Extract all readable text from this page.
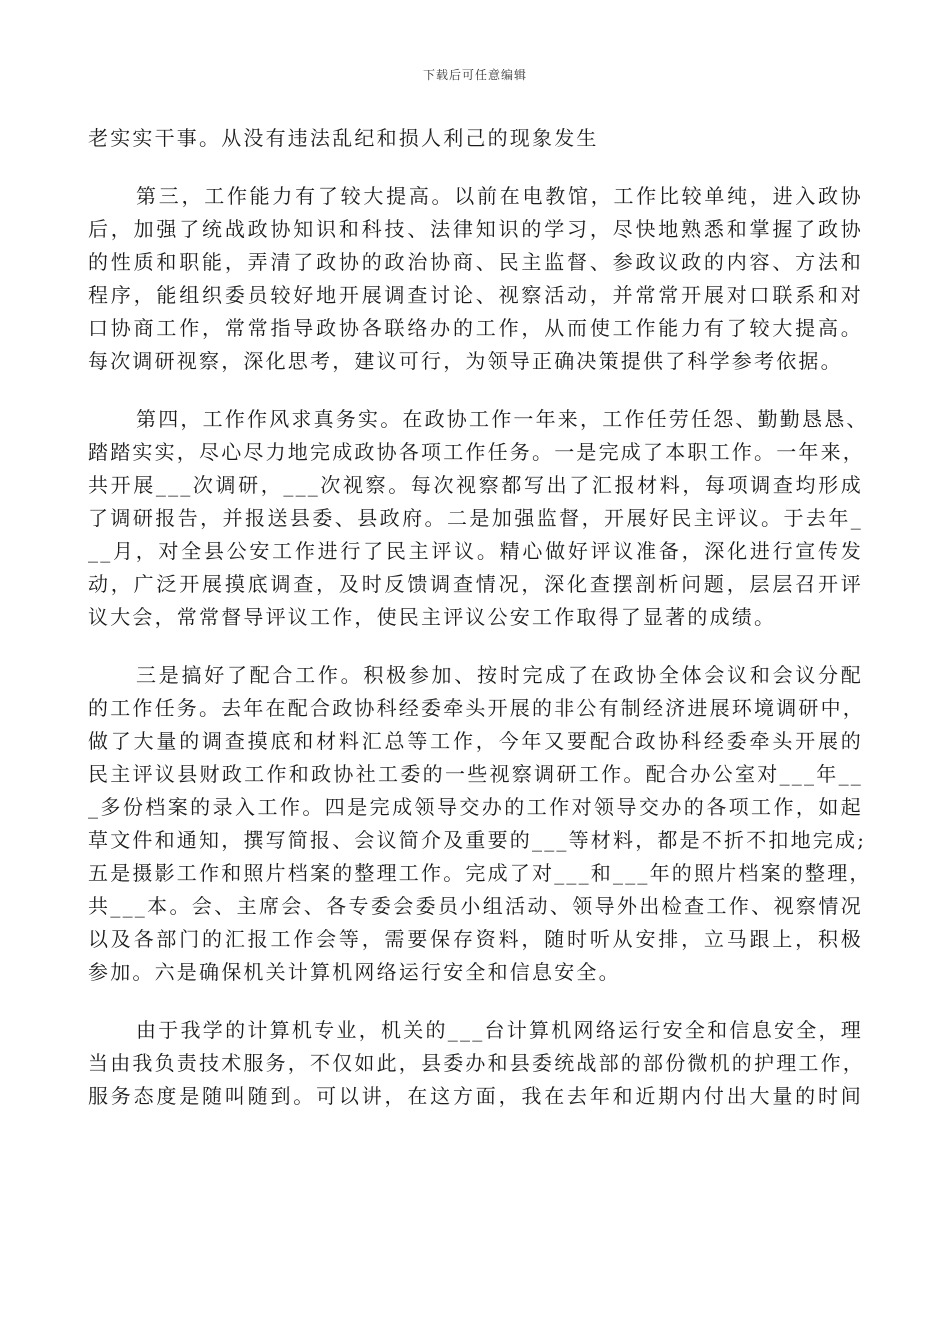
下载后可任意编辑
老实实干事。从没有违法乱纪和损人利己的现象发生
第三，工作能力有了较大提高。以前在电教馆，工作比较单纯，进入政协
后，加强了统战政协知识和科技、法律知识的学习，尽快地熟悉和掌握了政协
的性质和职能，弄清了政协的政治协商、民主监督、参政议政的内容、方法和
程序，能组织委员较好地开展调查讨论、视察活动，并常常开展对口联系和对
口协商工作，常常指导政协各联络办的工作，从而使工作能力有了较大提高。
每次调研视察，深化思考，建议可行，为领导正确决策提供了科学参考依据。
第四，工作作风求真务实。在政协工作一年来，工作任劳任怨、勤勤恳恳、
踏踏实实，尽心尽力地完成政协各项工作任务。一是完成了本职工作。一年来，
共开展___次调研，___次视察。每次视察都写出了汇报材料，每项调查均形成
了调研报告，并报送县委、县政府。二是加强监督，开展好民主评议。于去年_
__月，对全县公安工作进行了民主评议。精心做好评议准备，深化进行宣传发
动，广泛开展摸底调查，及时反馈调查情况，深化查摆剖析问题，层层召开评
议大会，常常督导评议工作，使民主评议公安工作取得了显著的成绩。
三是搞好了配合工作。积极参加、按时完成了在政协全体会议和会议分配
的工作任务。去年在配合政协科经委牵头开展的非公有制经济进展环境调研中，
做了大量的调查摸底和材料汇总等工作，今年又要配合政协科经委牵头开展的
民主评议县财政工作和政协社工委的一些视察调研工作。配合办公室对___年__
_多份档案的录入工作。四是完成领导交办的工作对领导交办的各项工作，如起
草文件和通知，撰写简报、会议简介及重要的___等材料，都是不折不扣地完成;
五是摄影工作和照片档案的整理工作。完成了对___和___年的照片档案的整理，
共___本。会、主席会、各专委会委员小组活动、领导外出检查工作、视察情况
以及各部门的汇报工作会等，需要保存资料，随时听从安排，立马跟上，积极
参加。六是确保机关计算机网络运行安全和信息安全。
由于我学的计算机专业，机关的___台计算机网络运行安全和信息安全，理
当由我负责技术服务，不仅如此，县委办和县委统战部的部份微机的护理工作，
服务态度是随叫随到。可以讲，在这方面，我在去年和近期内付出大量的时间
